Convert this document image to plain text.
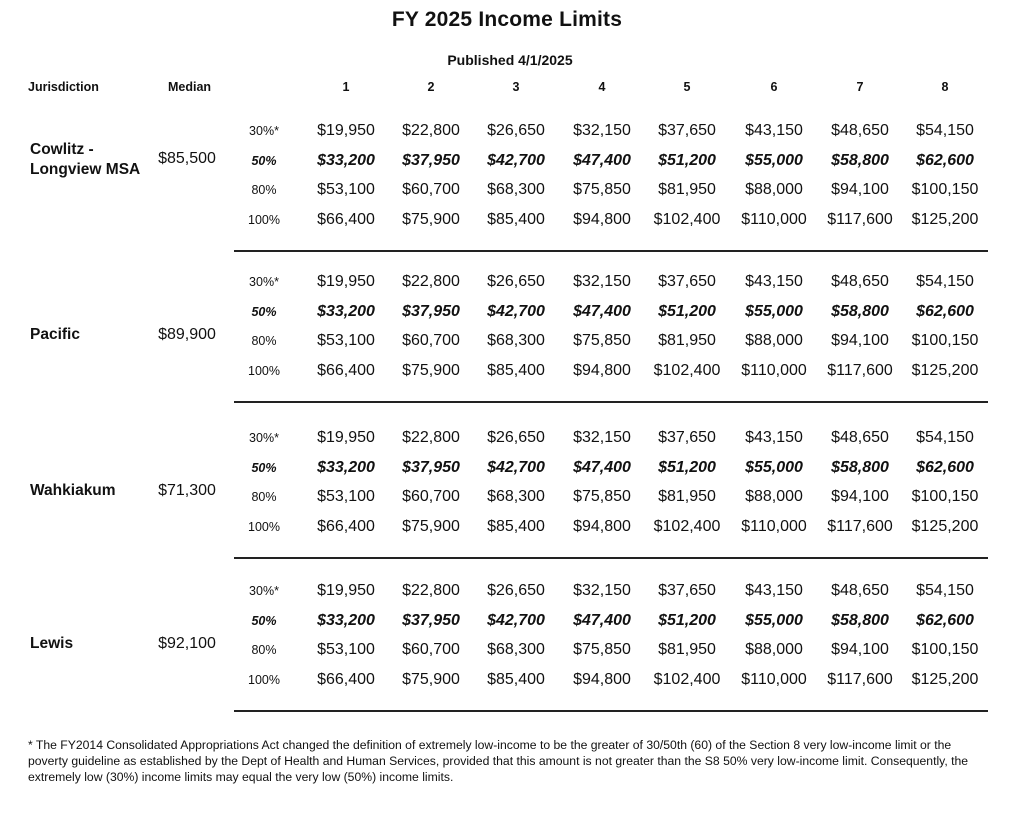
FY 2025 Income Limits
Published 4/1/2025
Jurisdiction	Median	1	2	3	4	5	6	7	8
Cowlitz -
Longview MSA
$85,500
30%*	$19,950	$22,800	$26,650	$32,150	$37,650	$43,150	$48,650	$54,150
50%	$33,200	$37,950	$42,700	$47,400	$51,200	$55,000	$58,800	$62,600
80%	$53,100	$60,700	$68,300	$75,850	$81,950	$88,000	$94,100	$100,150
100%	$66,400	$75,900	$85,400	$94,800	$102,400	$110,000	$117,600	$125,200
Pacific	$89,900
30%*	$19,950	$22,800	$26,650	$32,150	$37,650	$43,150	$48,650	$54,150
50%	$33,200	$37,950	$42,700	$47,400	$51,200	$55,000	$58,800	$62,600
80%	$53,100	$60,700	$68,300	$75,850	$81,950	$88,000	$94,100	$100,150
100%	$66,400	$75,900	$85,400	$94,800	$102,400	$110,000	$117,600	$125,200
Wahkiakum	$71,300
30%*	$19,950	$22,800	$26,650	$32,150	$37,650	$43,150	$48,650	$54,150
50%	$33,200	$37,950	$42,700	$47,400	$51,200	$55,000	$58,800	$62,600
80%	$53,100	$60,700	$68,300	$75,850	$81,950	$88,000	$94,100	$100,150
100%	$66,400	$75,900	$85,400	$94,800	$102,400	$110,000	$117,600	$125,200
Lewis	$92,100
30%*	$19,950	$22,800	$26,650	$32,150	$37,650	$43,150	$48,650	$54,150
50%	$33,200	$37,950	$42,700	$47,400	$51,200	$55,000	$58,800	$62,600
80%	$53,100	$60,700	$68,300	$75,850	$81,950	$88,000	$94,100	$100,150
100%	$66,400	$75,900	$85,400	$94,800	$102,400	$110,000	$117,600	$125,200
* The FY2014 Consolidated Appropriations Act changed the definition of extremely low-income to be the greater of 30/50th (60) of the Section 8 very low-income limit or the poverty guideline as established by the Dept of Health and Human Services, provided that this amount is not greater than the S8 50% very low-income limit. Consequently, the extremely low (30%) income limits may equal the very low (50%) income limits.
